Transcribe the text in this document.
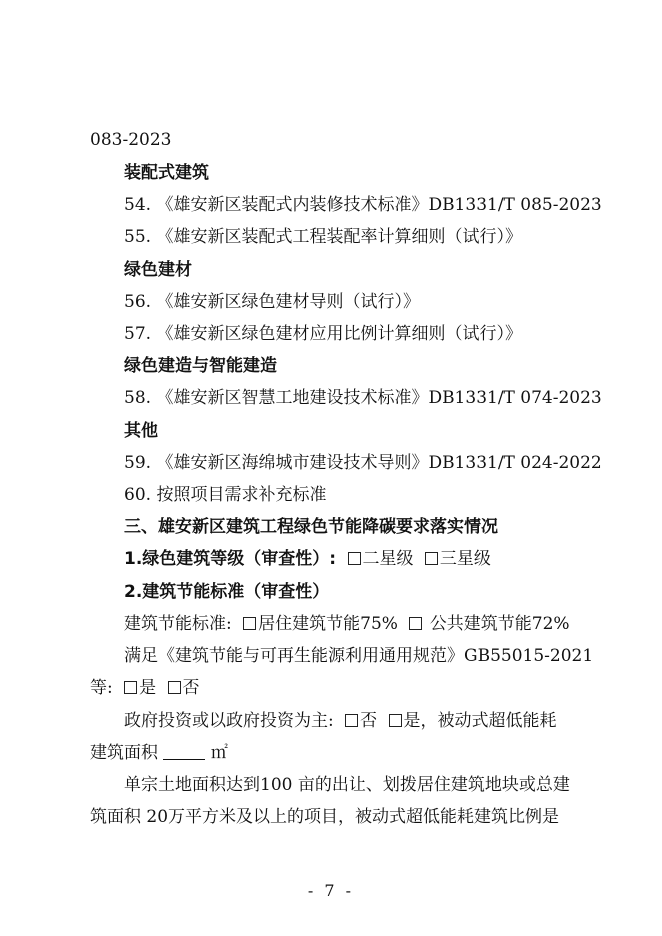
083-2023
装配式建筑
54. 《雄安新区装配式内装修技术标准》DB1331/T 085-2023
55. 《雄安新区装配式工程装配率计算细则（试行）》
绿色建材
56. 《雄安新区绿色建材导则（试行）》
57. 《雄安新区绿色建材应用比例计算细则（试行）》
绿色建造与智能建造
58. 《雄安新区智慧工地建设技术标准》DB1331/T 074-2023
其他
59. 《雄安新区海绵城市建设技术导则》DB1331/T 024-2022
60. 按照项目需求补充标准
三、雄安新区建筑工程绿色节能降碳要求落实情况
1.绿色建筑等级（审查性）: 二星级 三星级
2.建筑节能标准（审查性）
建筑节能标准: 居住建筑节能75% 公共建筑节能72%
满足《建筑节能与可再生能源利用通用规范》GB55015-2021
等: 是 否
政府投资或以政府投资为主: 否 是，被动式超低能耗
建筑面积	㎡
单宗土地面积达到100 亩的出让、划拨居住建筑地块或总建
筑面积 20万平方米及以上的项目，被动式超低能耗建筑比例是
- 7 -
